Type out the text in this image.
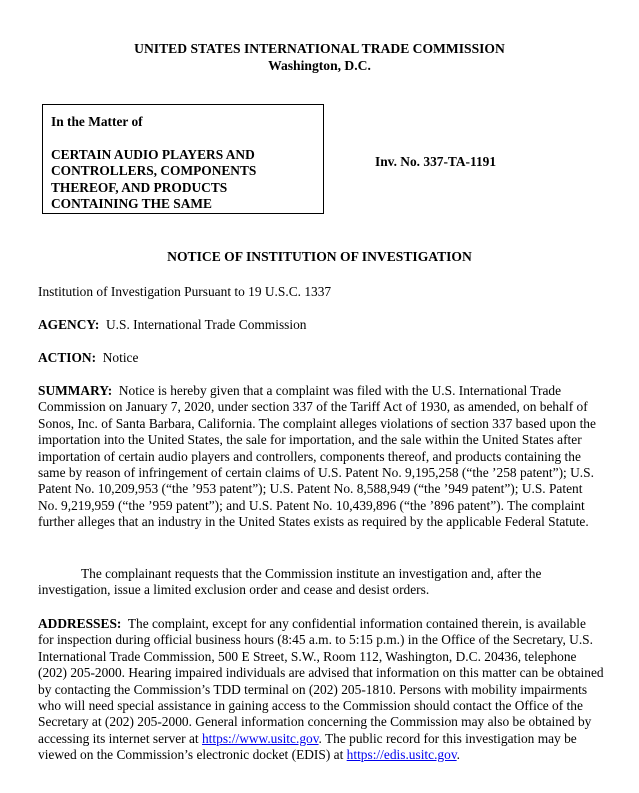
UNITED STATES INTERNATIONAL TRADE COMMISSION
Washington, D.C.
In the Matter of
CERTAIN AUDIO PLAYERS AND
CONTROLLERS, COMPONENTS
THEREOF, AND PRODUCTS
CONTAINING THE SAME
Inv. No. 337-TA-1191
NOTICE OF INSTITUTION OF INVESTIGATION

Institution of Investigation Pursuant to 19 U.S.C. 1337

AGENCY: U.S. International Trade Commission

ACTION: Notice

SUMMARY: Notice is hereby given that a complaint was filed with the U.S. International Trade Commission on January 7, 2020, under section 337 of the Tariff Act of 1930, as amended, on behalf of Sonos, Inc. of Santa Barbara, California. The complaint alleges violations of section 337 based upon the importation into the United States, the sale for importation, and the sale within the United States after importation of certain audio players and controllers, components thereof, and products containing the same by reason of infringement of certain claims of U.S. Patent No. 9,195,258 (“the ’258 patent”); U.S. Patent No. 10,209,953 (“the ’953 patent”); U.S. Patent No. 8,588,949 (“the ’949 patent”); U.S. Patent No. 9,219,959 (“the ’959 patent”); and U.S. Patent No. 10,439,896 (“the ’896 patent”). The complaint further alleges that an industry in the United States exists as required by the applicable Federal Statute.

The complainant requests that the Commission institute an investigation and, after the investigation, issue a limited exclusion order and cease and desist orders.

ADDRESSES: The complaint, except for any confidential information contained therein, is available for inspection during official business hours (8:45 a.m. to 5:15 p.m.) in the Office of the Secretary, U.S. International Trade Commission, 500 E Street, S.W., Room 112, Washington, D.C. 20436, telephone (202) 205-2000. Hearing impaired individuals are advised that information on this matter can be obtained by contacting the Commission’s TDD terminal on (202) 205-1810. Persons with mobility impairments who will need special assistance in gaining access to the Commission should contact the Office of the Secretary at (202) 205-2000. General information concerning the Commission may also be obtained by accessing its internet server at https://www.usitc.gov. The public record for this investigation may be viewed on the Commission’s electronic docket (EDIS) at https://edis.usitc.gov.
